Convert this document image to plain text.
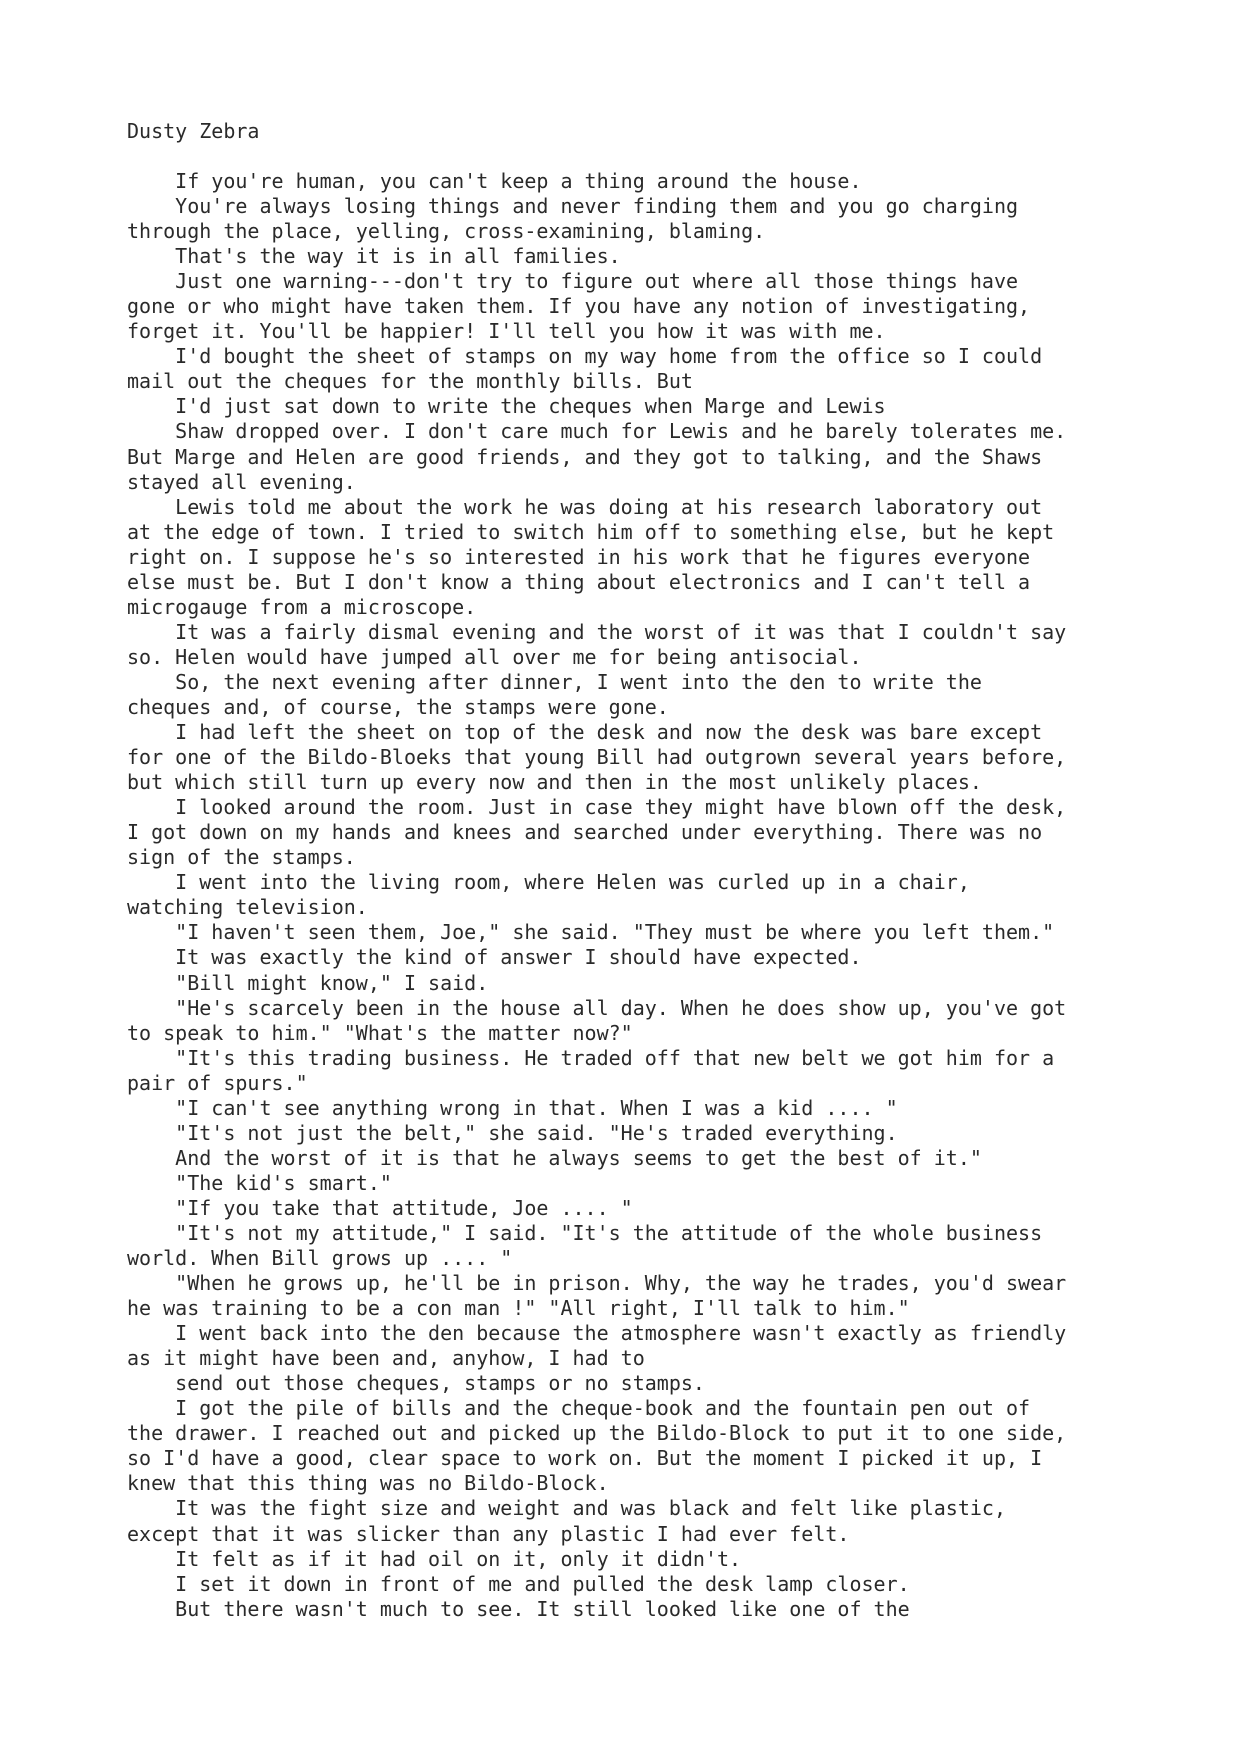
Dusty Zebra

If you're human, you can't keep a thing around the house.
You're always losing things and never finding them and you go charging
through the place, yelling, cross-examining, blaming.
That's the way it is in all families.
Just one warning---don't try to figure out where all those things have
gone or who might have taken them. If you have any notion of investigating,
forget it. You'll be happier! I'll tell you how it was with me.
I'd bought the sheet of stamps on my way home from the office so I could
mail out the cheques for the monthly bills. But
I'd just sat down to write the cheques when Marge and Lewis
Shaw dropped over. I don't care much for Lewis and he barely tolerates me.
But Marge and Helen are good friends, and they got to talking, and the Shaws
stayed all evening.
Lewis told me about the work he was doing at his research laboratory out
at the edge of town. I tried to switch him off to something else, but he kept
right on. I suppose he's so interested in his work that he figures everyone
else must be. But I don't know a thing about electronics and I can't tell a
microgauge from a microscope.
It was a fairly dismal evening and the worst of it was that I couldn't say
so. Helen would have jumped all over me for being antisocial.
So, the next evening after dinner, I went into the den to write the
cheques and, of course, the stamps were gone.
I had left the sheet on top of the desk and now the desk was bare except
for one of the Bildo-Bloeks that young Bill had outgrown several years before,
but which still turn up every now and then in the most unlikely places.
I looked around the room. Just in case they might have blown off the desk,
I got down on my hands and knees and searched under everything. There was no
sign of the stamps.
I went into the living room, where Helen was curled up in a chair,
watching television.
"I haven't seen them, Joe," she said. "They must be where you left them."
It was exactly the kind of answer I should have expected.
"Bill might know," I said.
"He's scarcely been in the house all day. When he does show up, you've got
to speak to him." "What's the matter now?"
"It's this trading business. He traded off that new belt we got him for a
pair of spurs."
"I can't see anything wrong in that. When I was a kid .... "
"It's not just the belt," she said. "He's traded everything.
And the worst of it is that he always seems to get the best of it."
"The kid's smart."
"If you take that attitude, Joe .... "
"It's not my attitude," I said. "It's the attitude of the whole business
world. When Bill grows up .... "
"When he grows up, he'll be in prison. Why, the way he trades, you'd swear
he was training to be a con man !" "All right, I'll talk to him."
I went back into the den because the atmosphere wasn't exactly as friendly
as it might have been and, anyhow, I had to
send out those cheques, stamps or no stamps.
I got the pile of bills and the cheque-book and the fountain pen out of
the drawer. I reached out and picked up the Bildo-Block to put it to one side,
so I'd have a good, clear space to work on. But the moment I picked it up, I
knew that this thing was no Bildo-Block.
It was the fight size and weight and was black and felt like plastic,
except that it was slicker than any plastic I had ever felt.
It felt as if it had oil on it, only it didn't.
I set it down in front of me and pulled the desk lamp closer.
But there wasn't much to see. It still looked like one of the
